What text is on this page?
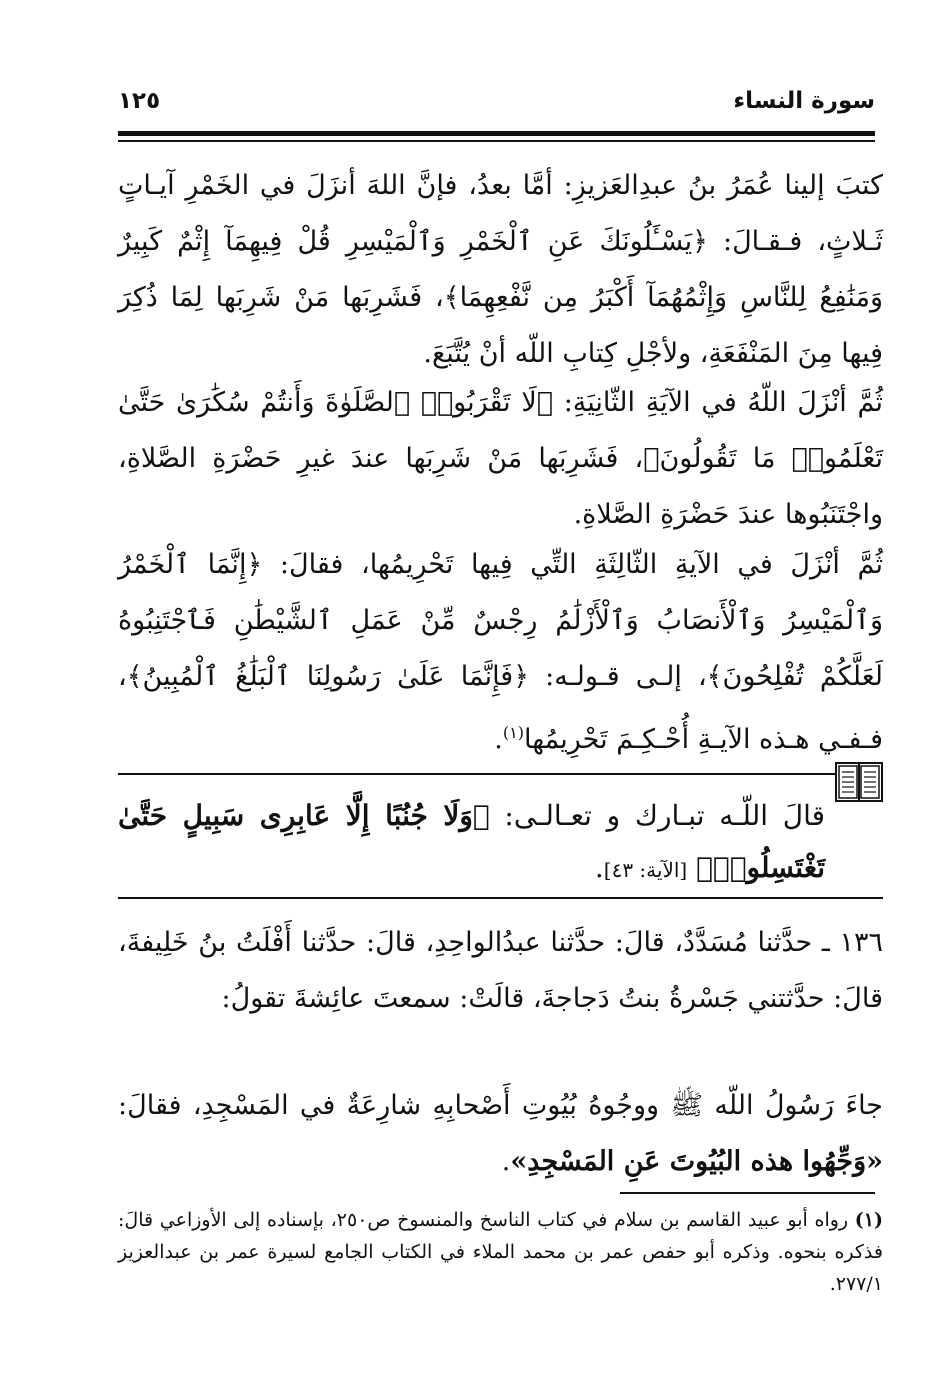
سورة النساء
١٢٥
كتبَ إلينا عُمَرُ بنُ عبدِالعَزيزِ: أمَّا بعدُ، فإنَّ اللهَ أنزَلَ في الخَمْرِ آيـاتٍ ثَـلاثٍ، فـقـالَ: ﴿يَسْـَٔلُونَكَ عَنِ ٱلْخَمْرِ وَٱلْمَيْسِرِ قُلْ فِيهِمَآ إِثْمٌ كَبِيرٌ وَمَنَٰفِعُ لِلنَّاسِ وَإِثْمُهُمَآ أَكْبَرُ مِن نَّفْعِهِمَا﴾، فَشَرِبَها مَنْ شَرِبَها لِمَا ذُكِرَ فِيها مِنَ المَنْفَعَةِ، ولأجْلِ كِتابِ اللّه أنْ يُتَّبَعَ.
ثُمَّ أنْزَلَ اللّهُ في الآيَةِ الثّانِيَةِ: ﴿لَا تَقْرَبُوا۟ ٱلصَّلَوٰةَ وَأَنتُمْ سُكَٰرَىٰ حَتَّىٰ تَعْلَمُوا۟ مَا تَقُولُونَ﴾، فَشَرِبَها مَنْ شَرِبَها عندَ غيرِ حَضْرَةِ الصَّلاةِ، واجْتَنَبُوها عندَ حَضْرَةِ الصَّلاةِ.
ثُمَّ أنْزَلَ في الآيةِ الثّالِثَةِ التِّي فِيها تَحْرِيمُها، فقالَ: ﴿إِنَّمَا ٱلْخَمْرُ وَٱلْمَيْسِرُ وَٱلْأَنصَابُ وَٱلْأَزْلَٰمُ رِجْسٌ مِّنْ عَمَلِ ٱلشَّيْطَٰنِ فَٱجْتَنِبُوهُ لَعَلَّكُمْ تُفْلِحُونَ﴾، إلـى قـولـه: ﴿فَإِنَّمَا عَلَىٰ رَسُولِنَا ٱلْبَلَٰغُ ٱلْمُبِينُ﴾، فـفـي هـذه الآيـةِ أُحْـكِـمَ تَحْرِيمُها$^{(١)}$.
قالَ اللّـه تبـارك و تعـالـى: ﴿وَلَا جُنُبًا إِلَّا عَابِرِى سَبِيلٍ حَتَّىٰ تَغْتَسِلُوا۟﴾ [الآية: ٤٣].
١٣٦ ـ حدَّثنا مُسَدَّدٌ، قالَ: حدَّثنا عبدُالواحِدِ، قالَ: حدَّثنا أَفْلَتُ بنُ خَلِيفةَ، قالَ: حدَّثتني جَسْرةُ بنتُ دَجاجةَ، قالَتْ: سمعتَ عائِشةَ تقولُ:
جاءَ رَسُولُ اللّه ﷺ ووجُوهُ بُيُوتِ أَصْحابِهِ شارِعَةٌ في المَسْجِدِ، فقالَ: «وَجِّهُوا هذه البُيُوتَ عَنِ المَسْجِدِ».
(١) رواه أبو عبيد القاسم بن سلام في كتاب الناسخ والمنسوخ ص٢٥٠، بإسناده إلى الأوزاعي قالَ: فذكره بنحوه. وذكره أبو حفص عمر بن محمد الملاء في الكتاب الجامع لسيرة عمر بن عبدالعزيز ٢٧٧/١.
